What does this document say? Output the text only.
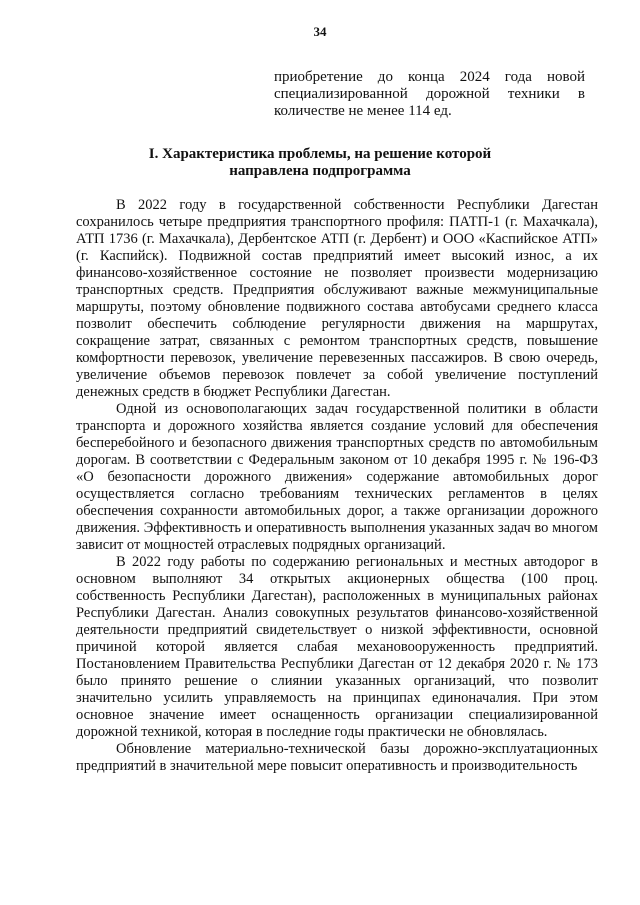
34
приобретение до конца 2024 года новой специализированной дорожной техники в количестве не менее 114 ед.
I. Характеристика проблемы, на решение которой направлена подпрограмма

В 2022 году в государственной собственности Республики Дагестан сохранилось четыре предприятия транспортного профиля: ПАТП-1 (г. Махачкала), АТП 1736 (г. Махачкала), Дербентское АТП (г. Дербент) и ООО «Каспийское АТП» (г. Каспийск). Подвижной состав предприятий имеет высокий износ, а их финансово-хозяйственное состояние не позволяет произвести модернизацию транспортных средств. Предприятия обслуживают важные межмуниципальные маршруты, поэтому обновление подвижного состава автобусами среднего класса позволит обеспечить соблюдение регулярности движения на маршрутах, сокращение затрат, связанных с ремонтом транспортных средств, повышение комфортности перевозок, увеличение перевезенных пассажиров. В свою очередь, увеличение объемов перевозок повлечет за собой увеличение поступлений денежных средств в бюджет Республики Дагестан.

Одной из основополагающих задач государственной политики в области транспорта и дорожного хозяйства является создание условий для обеспечения бесперебойного и безопасного движения транспортных средств по автомобильным дорогам. В соответствии с Федеральным законом от 10 декабря 1995 г. № 196-ФЗ «О безопасности дорожного движения» содержание автомобильных дорог осуществляется согласно требованиям технических регламентов в целях обеспечения сохранности автомобильных дорог, а также организации дорожного движения. Эффективность и оперативность выполнения указанных задач во многом зависит от мощностей отраслевых подрядных организаций.

В 2022 году работы по содержанию региональных и местных автодорог в основном выполняют 34 открытых акционерных общества (100 проц. собственность Республики Дагестан), расположенных в муниципальных районах Республики Дагестан. Анализ совокупных результатов финансово-хозяйственной деятельности предприятий свидетельствует о низкой эффективности, основной причиной которой является слабая механовооруженность предприятий. Постановлением Правительства Республики Дагестан от 12 декабря 2020 г. № 173 было принято решение о слиянии указанных организаций, что позволит значительно усилить управляемость на принципах единоначалия. При этом основное значение имеет оснащенность организации специализированной дорожной техникой, которая в последние годы практически не обновлялась.

Обновление материально-технической базы дорожно-эксплуатационных предприятий в значительной мере повысит оперативность и производительность
